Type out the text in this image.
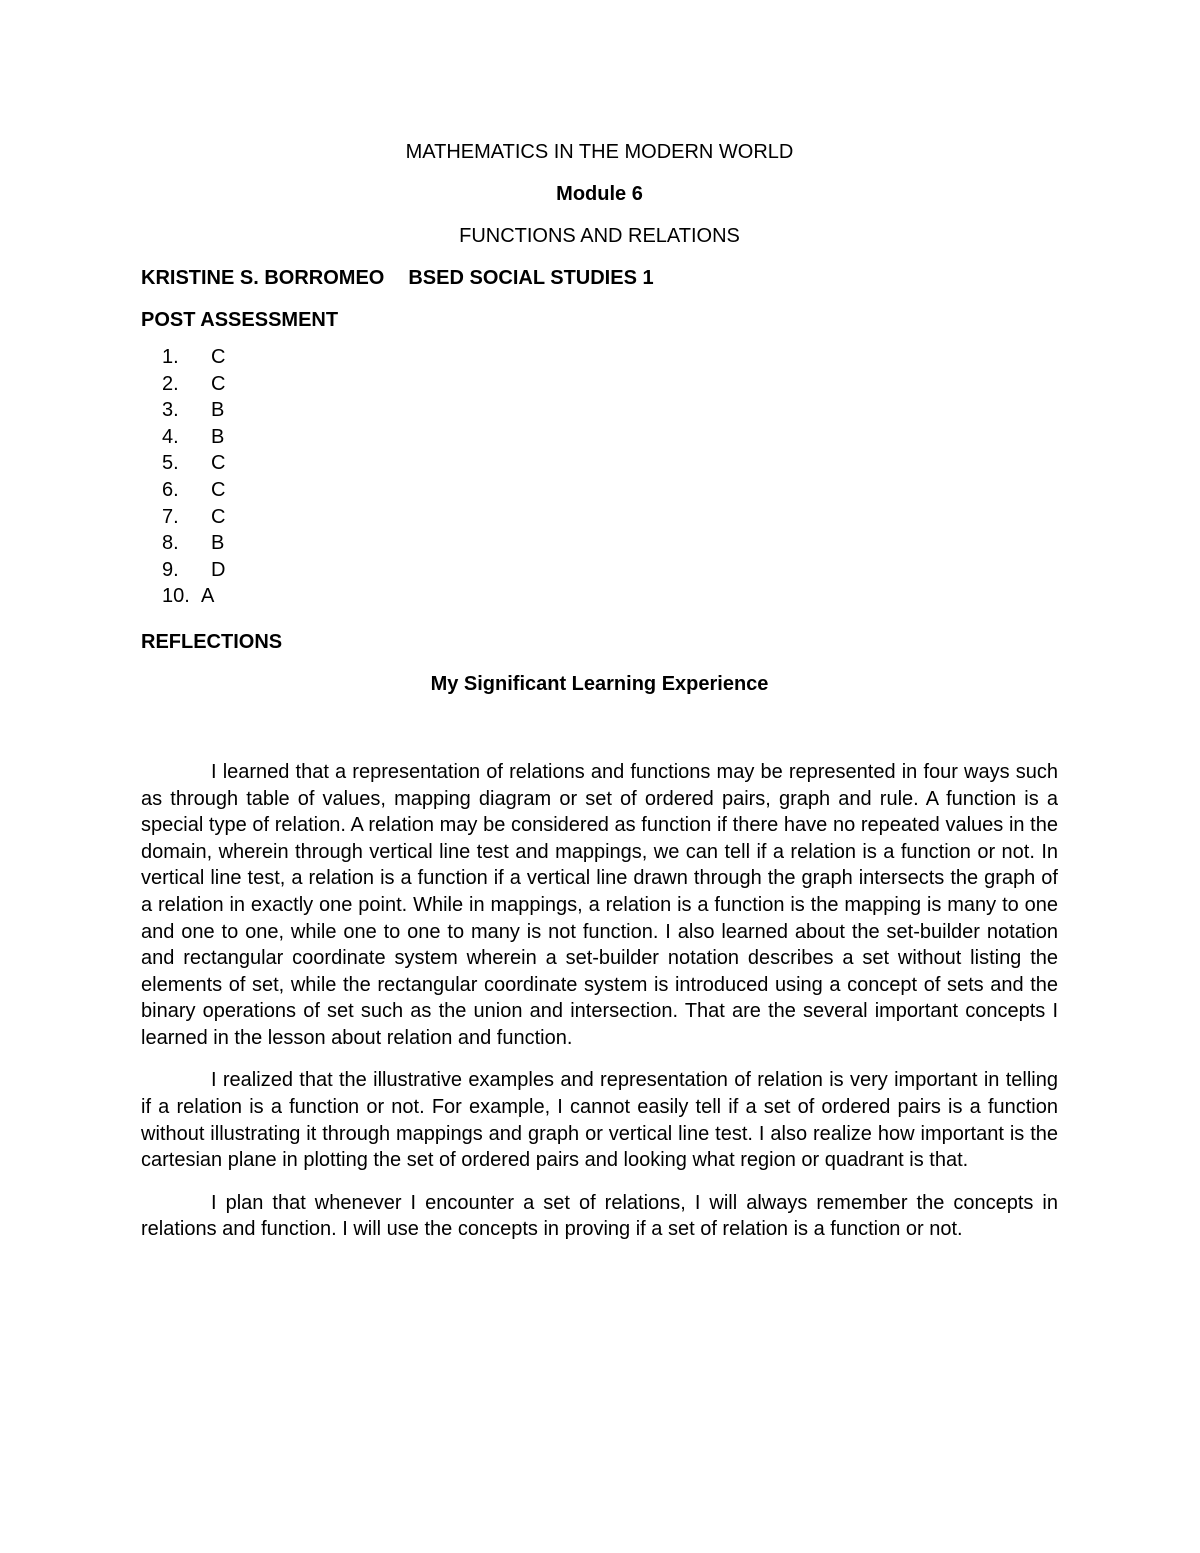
MATHEMATICS IN THE MODERN WORLD

Module 6

FUNCTIONS AND RELATIONS

KRISTINE S. BORROMEO BSED SOCIAL STUDIES 1

POST ASSESSMENT

1.	C
2.	C
3.	B
4.	B
5.	C
6.	C
7.	C
8.	B
9.	D
10. A

REFLECTIONS

My Significant Learning Experience

I learned that a representation of relations and functions may be represented in four ways such as through table of values, mapping diagram or set of ordered pairs, graph and rule. A function is a special type of relation. A relation may be considered as function if there have no repeated values in the domain, wherein through vertical line test and mappings, we can tell if a relation is a function or not. In vertical line test, a relation is a function if a vertical line drawn through the graph intersects the graph of a relation in exactly one point. While in mappings, a relation is a function is the mapping is many to one and one to one, while one to one to many is not function. I also learned about the set-builder notation and rectangular coordinate system wherein a set-builder notation describes a set without listing the elements of set, while the rectangular coordinate system is introduced using a concept of sets and the binary operations of set such as the union and intersection. That are the several important concepts I learned in the lesson about relation and function.

I realized that the illustrative examples and representation of relation is very important in telling if a relation is a function or not. For example, I cannot easily tell if a set of ordered pairs is a function without illustrating it through mappings and graph or vertical line test. I also realize how important is the cartesian plane in plotting the set of ordered pairs and looking what region or quadrant is that.

I plan that whenever I encounter a set of relations, I will always remember the concepts in relations and function. I will use the concepts in proving if a set of relation is a function or not.
